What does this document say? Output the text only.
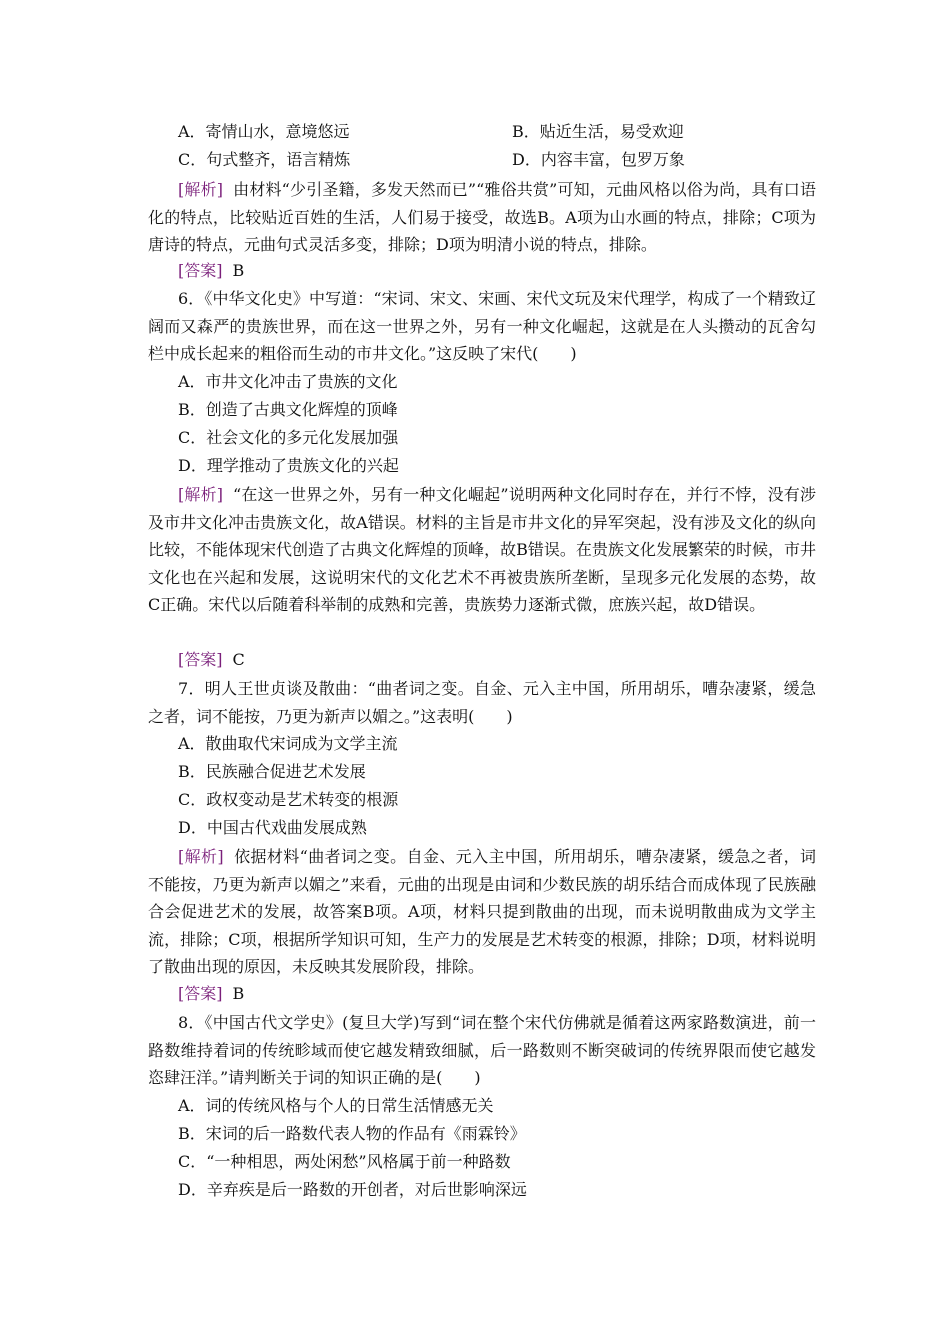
A．寄情山水，意境悠远	B．贴近生活，易受欢迎
C．句式整齐，语言精炼	D．内容丰富，包罗万象
[解析] 由材料“少引圣籍，多发天然而已”“雅俗共赏”可知，元曲风格以俗为尚，具有口语化的特点，比较贴近百姓的生活，人们易于接受，故选B。A项为山水画的特点，排除；C项为唐诗的特点，元曲句式灵活多变，排除；D项为明清小说的特点，排除。
[答案] B
6．《中华文化史》中写道：“宋词、宋文、宋画、宋代文玩及宋代理学，构成了一个精致辽阔而又森严的贵族世界，而在这一世界之外，另有一种文化崛起，这就是在人头攒动的瓦舍勾栏中成长起来的粗俗而生动的市井文化。”这反映了宋代(　　)
A．市井文化冲击了贵族的文化
B．创造了古典文化辉煌的顶峰
C．社会文化的多元化发展加强
D．理学推动了贵族文化的兴起
[解析] “在这一世界之外，另有一种文化崛起”说明两种文化同时存在，并行不悖，没有涉及市井文化冲击贵族文化，故A错误。材料的主旨是市井文化的异军突起，没有涉及文化的纵向比较，不能体现宋代创造了古典文化辉煌的顶峰，故B错误。在贵族文化发展繁荣的时候，市井文化也在兴起和发展，这说明宋代的文化艺术不再被贵族所垄断，呈现多元化发展的态势，故C正确。宋代以后随着科举制的成熟和完善，贵族势力逐渐式微，庶族兴起，故D错误。
[答案] C
7．明人王世贞谈及散曲：“曲者词之变。自金、元入主中国，所用胡乐，嘈杂凄紧，缓急之者，词不能按，乃更为新声以媚之。”这表明(　　)
A．散曲取代宋词成为文学主流
B．民族融合促进艺术发展
C．政权变动是艺术转变的根源
D．中国古代戏曲发展成熟
[解析] 依据材料“曲者词之变。自金、元入主中国，所用胡乐，嘈杂凄紧，缓急之者，词不能按，乃更为新声以媚之”来看，元曲的出现是由词和少数民族的胡乐结合而成体现了民族融合会促进艺术的发展，故答案B项。A项，材料只提到散曲的出现，而未说明散曲成为文学主流，排除；C项，根据所学知识可知，生产力的发展是艺术转变的根源，排除；D项，材料说明了散曲出现的原因，未反映其发展阶段，排除。
[答案] B
8．《中国古代文学史》(复旦大学)写到“词在整个宋代仿佛就是循着这两家路数演进，前一路数维持着词的传统畛域而使它越发精致细腻，后一路数则不断突破词的传统界限而使它越发恣肆汪洋。”请判断关于词的知识正确的是(　　)
A．词的传统风格与个人的日常生活情感无关
B．宋词的后一路数代表人物的作品有《雨霖铃》
C．“一种相思，两处闲愁”风格属于前一种路数
D．辛弃疾是后一路数的开创者，对后世影响深远
